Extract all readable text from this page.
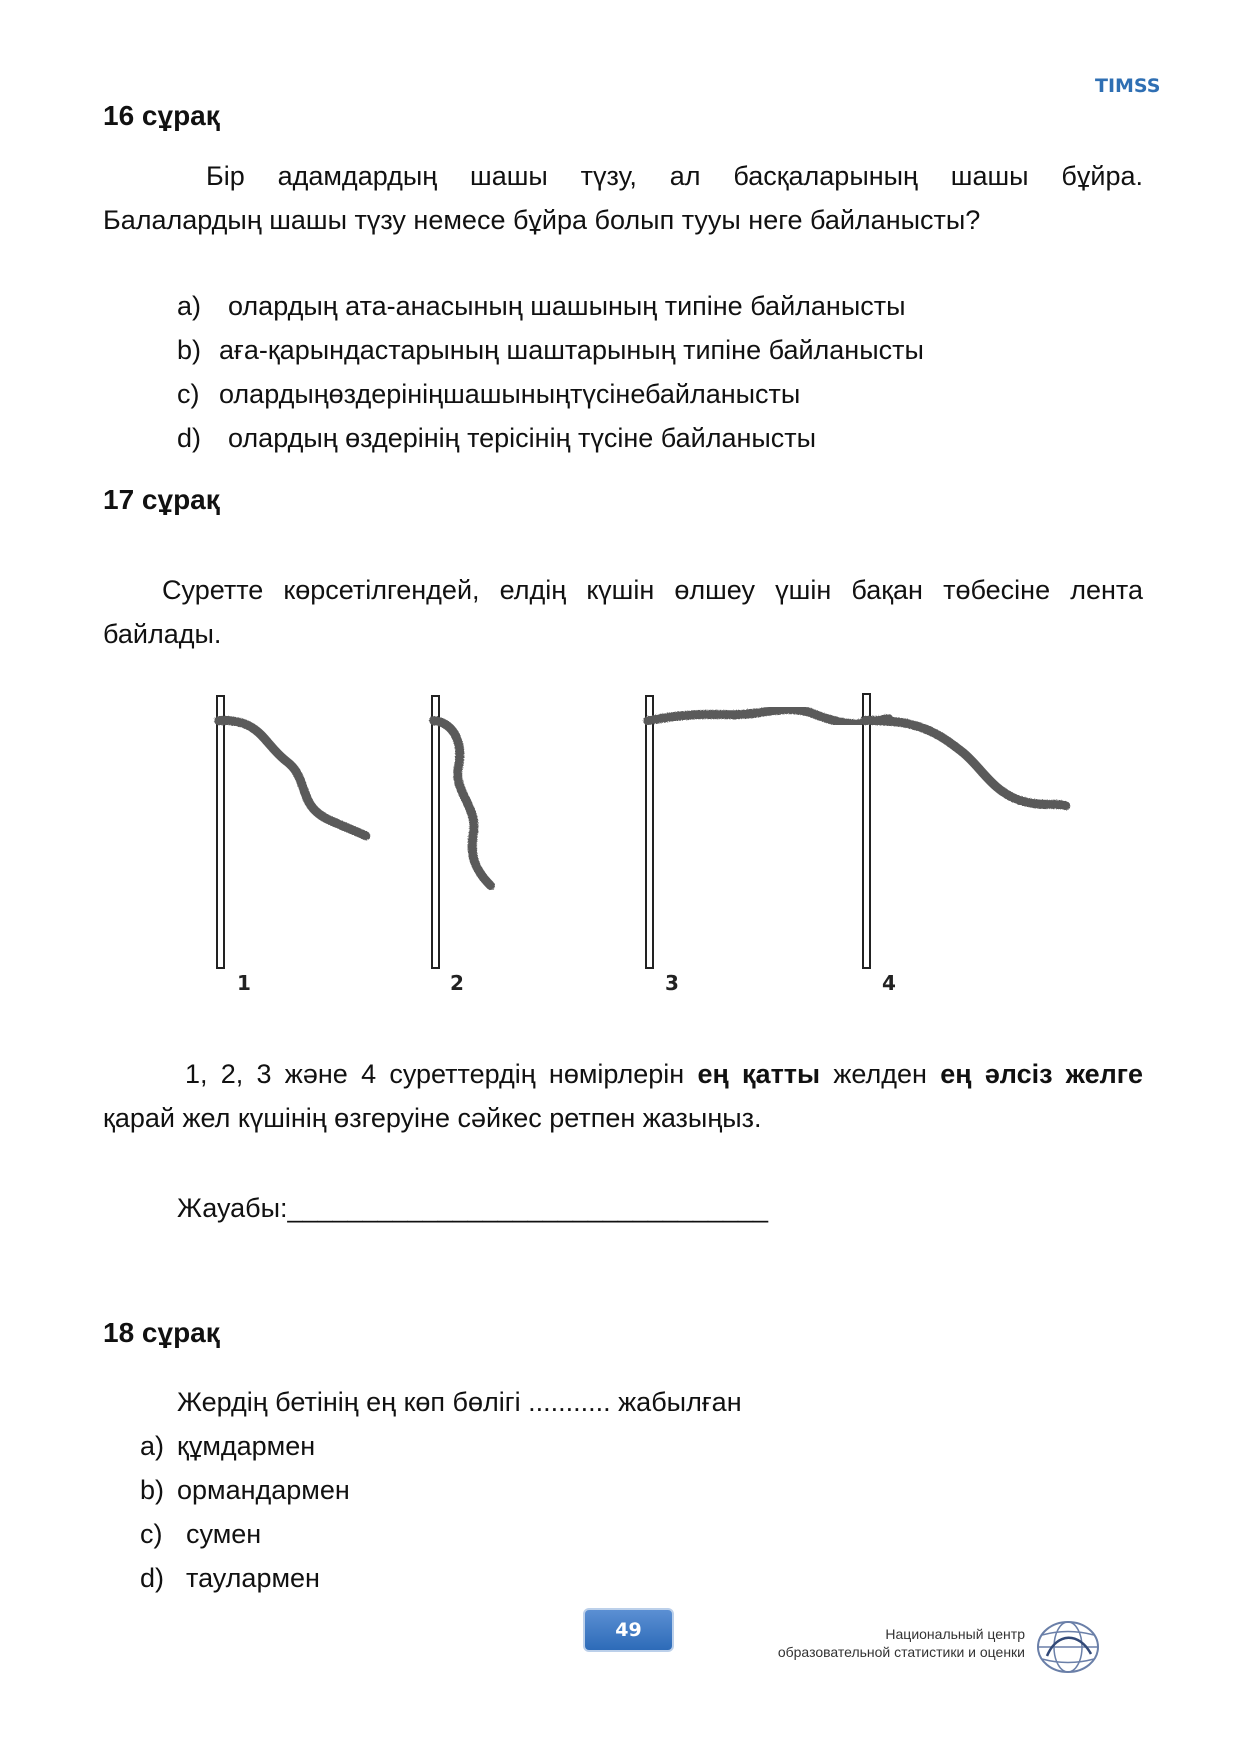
TIMSS
16 сұрақ
Бір адамдардың шашы түзу, ал басқаларының шашы бұйра.
Балалардың шашы түзу немесе бұйра болып тууы неге байланысты?
a) олардың ата-анасының шашының типіне байланысты
b) аға-қарындастарының шаштарының типіне байланысты
c) олардыңөздерініңшашыныңтүсінебайланысты
d) олардың өздерінің терісінің түсіне байланысты
17 сұрақ
Суретте көрсетілгендей, елдің күшін өлшеу үшін бақан төбесіне лента
байлады.
1	2	3	4
1, 2, 3 және 4 суреттердің нөмірлерін ең қатты желден ең әлсіз желге
қарай жел күшінің өзгеруіне сәйкес ретпен жазыңыз.
Жауабы:________________________________
18 сұрақ
Жердің бетінің ең көп бөлігі ........... жабылған
a) құмдармен
b) ормандармен
c) сумен
d) таулармен
49	Национальный центр
образовательной статистики и оценки
